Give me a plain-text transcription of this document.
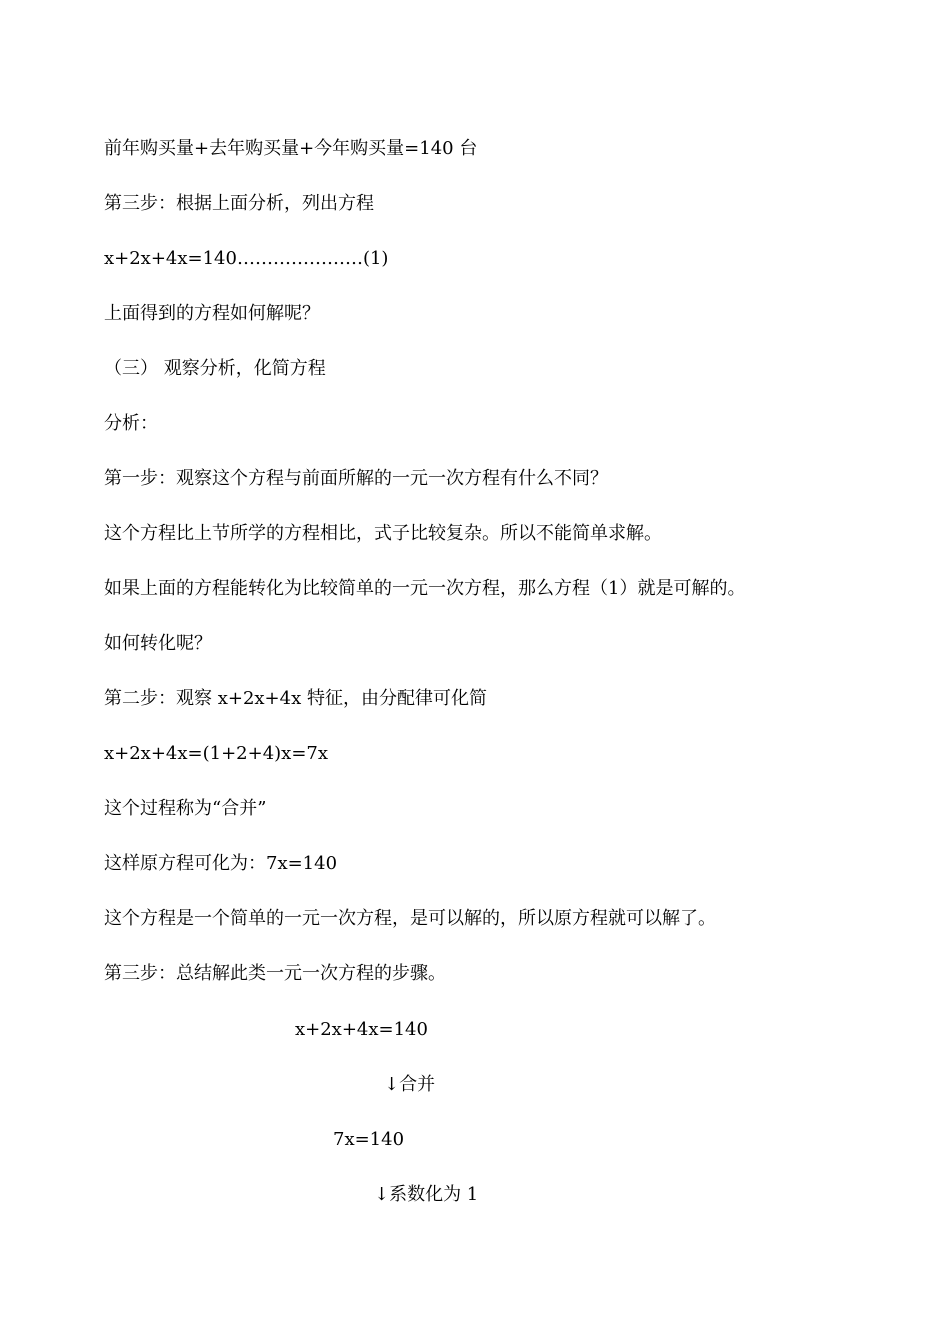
前年购买量+去年购买量+今年购买量=140 台
第三步：根据上面分析，列出方程
x+2x+4x=140…………………(1)
上面得到的方程如何解呢？
（三） 观察分析，化简方程
分析：
第一步：观察这个方程与前面所解的一元一次方程有什么不同？
这个方程比上节所学的方程相比，式子比较复杂。所以不能简单求解。
如果上面的方程能转化为比较简单的一元一次方程，那么方程（1）就是可解的。
如何转化呢？
第二步：观察 x+2x+4x 特征，由分配律可化简
x+2x+4x=(1+2+4)x=7x
这个过程称为“合并”
这样原方程可化为：7x=140
这个方程是一个简单的一元一次方程，是可以解的，所以原方程就可以解了。
第三步：总结解此类一元一次方程的步骤。
x+2x+4x=140
↓合并
7x=140
↓系数化为 1
